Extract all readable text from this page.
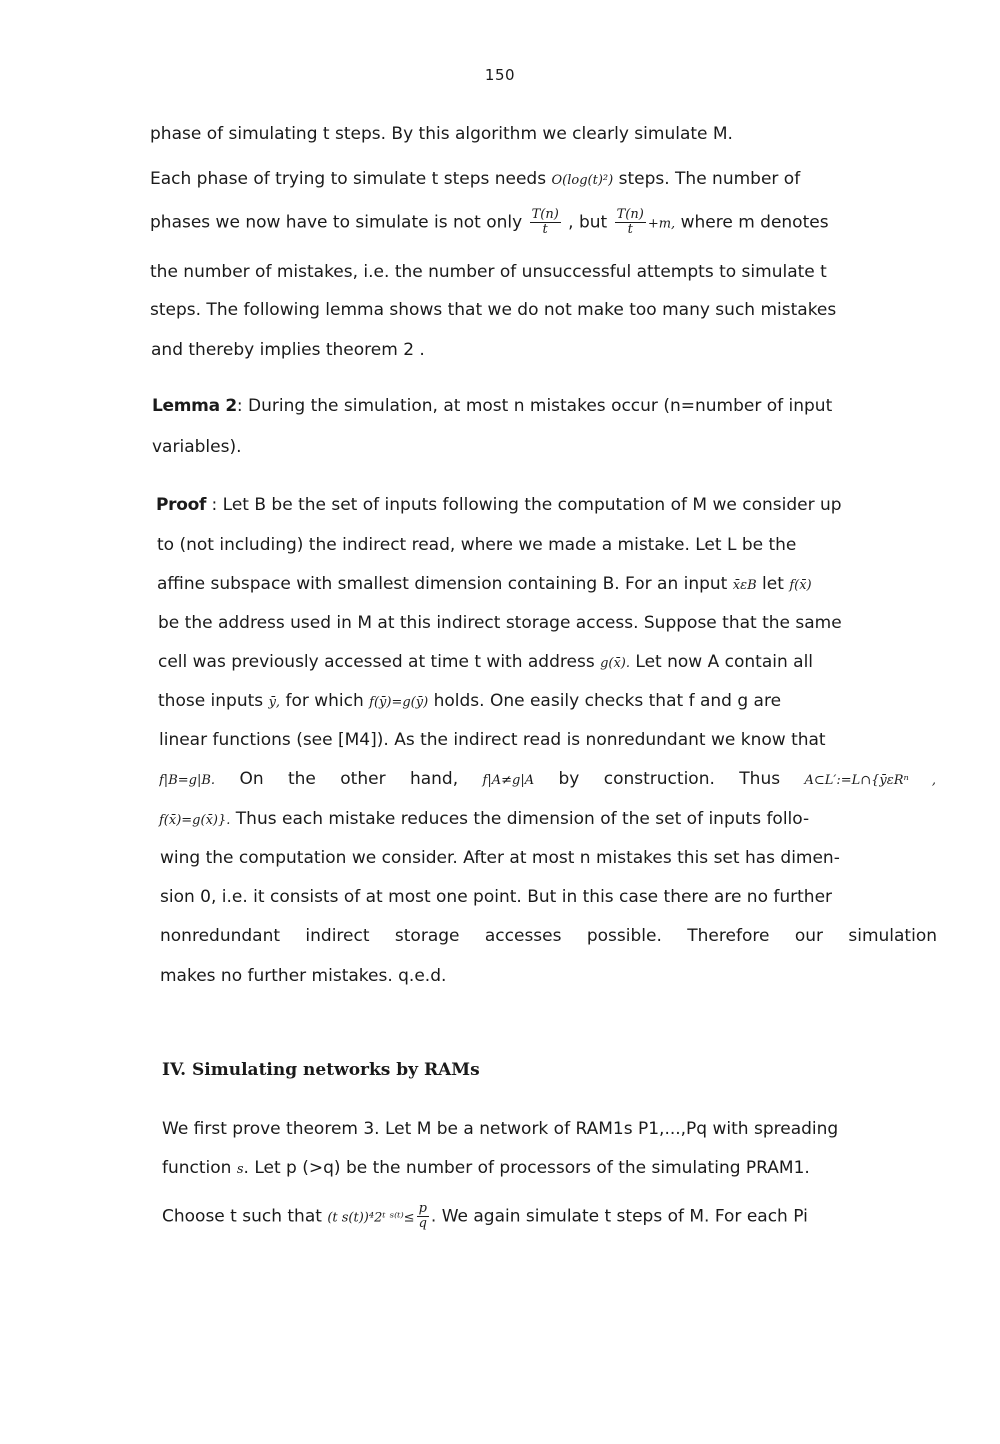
150
phase of simulating t steps. By this algorithm we clearly simulate M.
Each phase of trying to simulate t steps needs O(log(t)²) steps. The number of
phases we now have to simulate is not only $\frac{T(n)}{t}$ , but $\frac{T(n)}{t} +m$, where m denotes
the number of mistakes, i.e. the number of unsuccessful attempts to simulate t
steps. The following lemma shows that we do not make too many such mistakes
and thereby implies theorem 2 .
Lemma 2: During the simulation, at most n mistakes occur (n=number of input
variables).
Proof : Let B be the set of inputs following the computation of M we consider up
to (not including) the indirect read, where we made a mistake. Let L be the
affine subspace with smallest dimension containing B. For an input x̄εB let f(x̄)
be the address used in M at this indirect storage access. Suppose that the same
cell was previously accessed at time t with address g(x̄). Let now A contain all
those inputs ȳ, for which f(ȳ)=g(ȳ) holds. One easily checks that f and g are
linear functions (see [M4]). As the indirect read is nonredundant we know that
f|B=g|B. On the other hand, f|A≠g|A by construction. Thus A⊂L′:=L∩{ȳεRⁿ ,
f(x̄)=g(x̄)}. Thus each mistake reduces the dimension of the set of inputs follo-
wing the computation we consider. After at most n mistakes this set has dimen-
sion 0, i.e. it consists of at most one point. But in this case there are no further
nonredundant indirect storage accesses possible. Therefore our simulation
makes no further mistakes. q.e.d.
IV. Simulating networks by RAMs
We first prove theorem 3. Let M be a network of RAM1s P1,...,Pq with spreading
function s. Let p (>q) be the number of processors of the simulating PRAM1.
Choose t such that (t s(t))⁴2ᵗ ˢ⁽ᵗ⁾≤ $\frac{p}{q}$ . We again simulate t steps of M. For each Pi
